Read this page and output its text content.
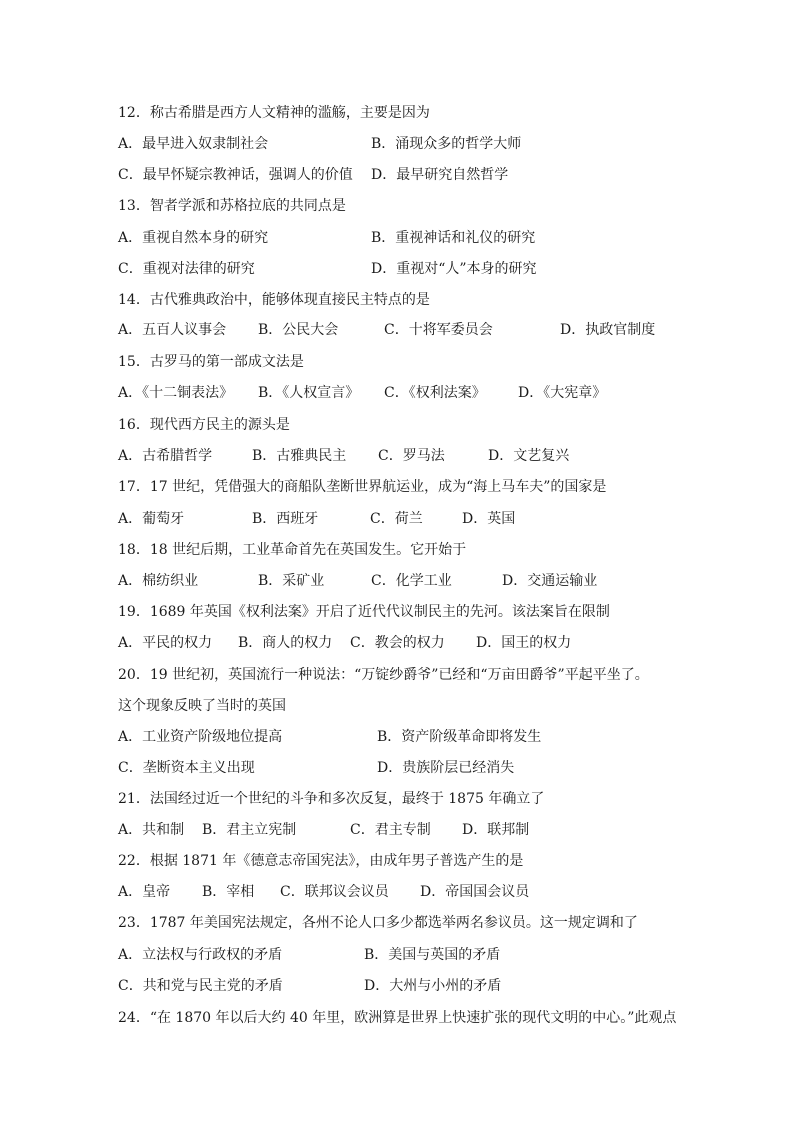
12．称古希腊是西方人文精神的滥觞，主要是因为
A．最早进入奴隶制社会	B．涌现众多的哲学大师
C．最早怀疑宗教神话，强调人的价值 D．最早研究自然哲学
13．智者学派和苏格拉底的共同点是
A．重视自然本身的研究	B．重视神话和礼仪的研究
C．重视对法律的研究	D．重视对“人”本身的研究
14．古代雅典政治中，能够体现直接民主特点的是
A．五百人议事会 B．公民大会	C．十将军委员会	D．执政官制度
15．古罗马的第一部成文法是
A．《十二铜表法》 B．《人权宣言》 C．《权利法案》 D．《大宪章》
16．现代西方民主的源头是
A．古希腊哲学	B．古雅典民主 C．罗马法	D．文艺复兴
17．17 世纪，凭借强大的商船队垄断世界航运业，成为“海上马车夫”的国家是
A．葡萄牙	B．西班牙	C．荷兰	D．英国
18．18 世纪后期，工业革命首先在英国发生。它开始于
A．棉纺织业	B．采矿业	C．化学工业	D．交通运输业
19．1689 年英国《权利法案》开启了近代代议制民主的先河。该法案旨在限制
A．平民的权力 B．商人的权力 C．教会的权力 D．国王的权力
20．19 世纪初，英国流行一种说法：“万锭纱爵爷”已经和“万亩田爵爷”平起平坐了。
这个现象反映了当时的英国
A．工业资产阶级地位提高	B．资产阶级革命即将发生
C．垄断资本主义出现	D．贵族阶层已经消失
21．法国经过近一个世纪的斗争和多次反复，最终于 1875 年确立了
A．共和制 B．君主立宪制	C．君主专制 D．联邦制
22．根据 1871 年《德意志帝国宪法》，由成年男子普选产生的是
A．皇帝 B．宰相 C．联邦议会议员 D．帝国国会议员
23．1787 年美国宪法规定，各州不论人口多少都选举两名参议员。这一规定调和了
A．立法权与行政权的矛盾	B．美国与英国的矛盾
C．共和党与民主党的矛盾	D．大州与小州的矛盾
24．“在 1870 年以后大约 40 年里，欧洲算是世界上快速扩张的现代文明的中心。”此观点
